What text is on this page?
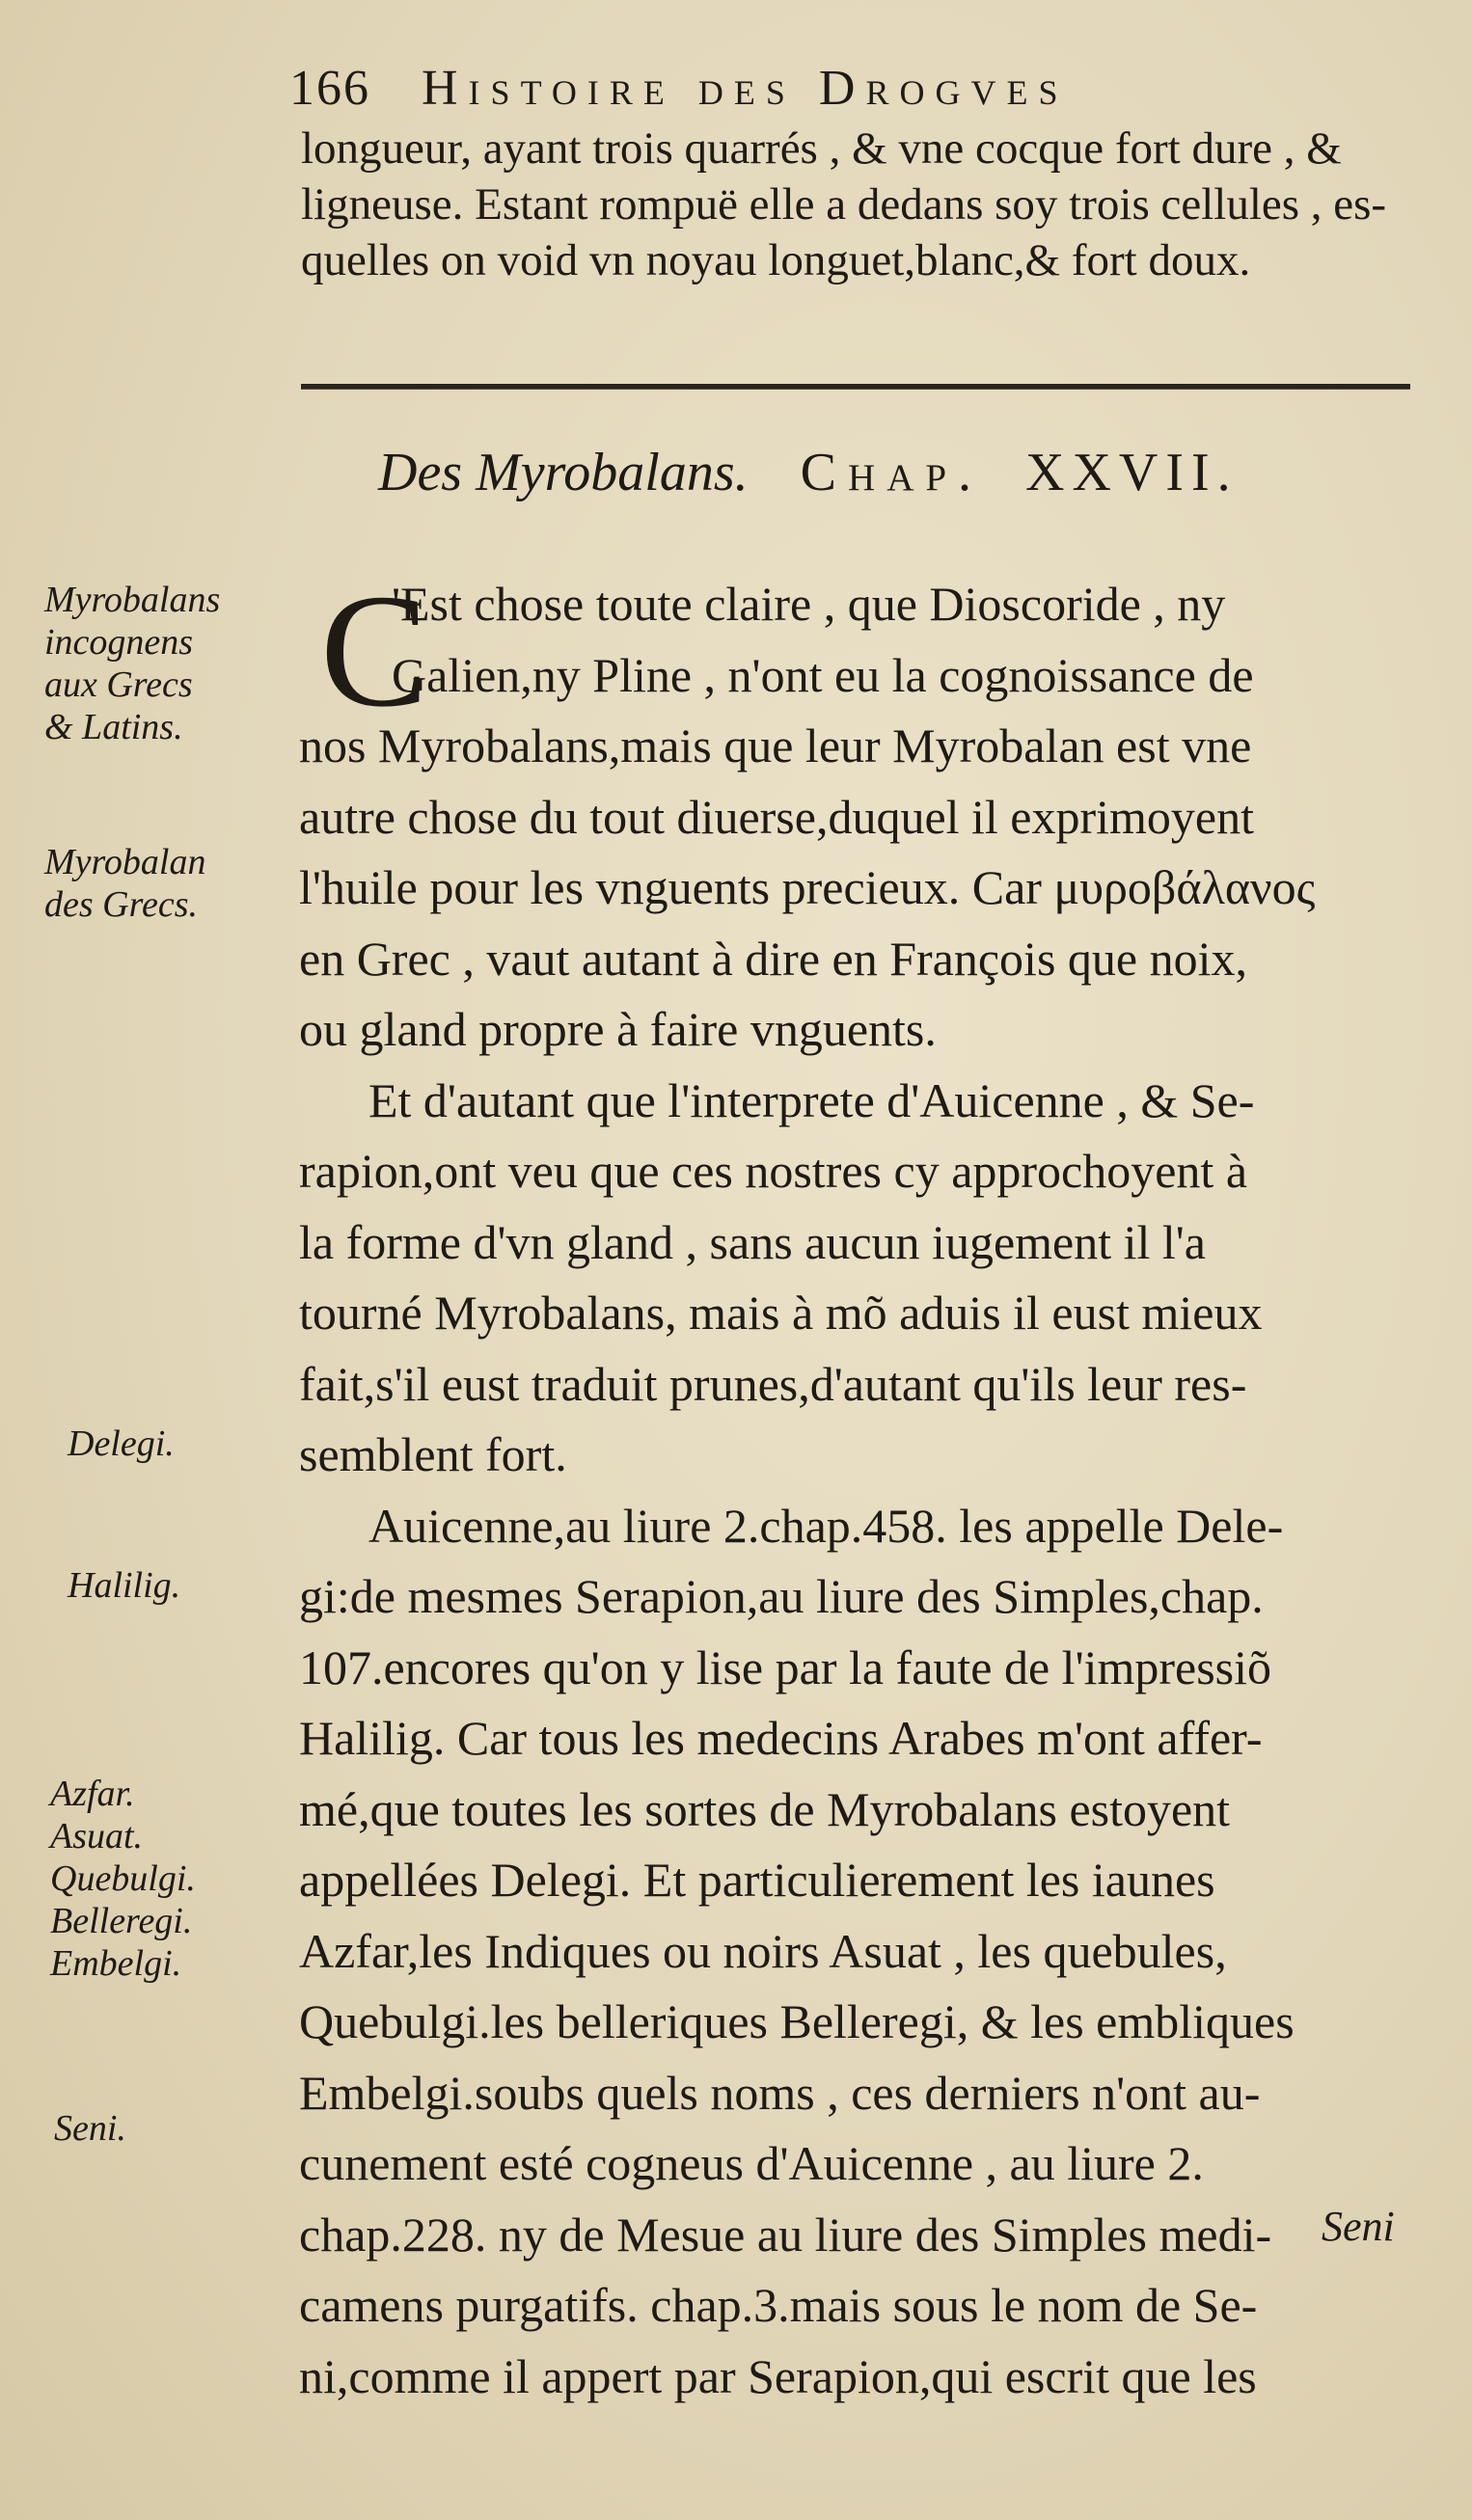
166 Histoire des Drogves
longueur, ayant trois quarrés , & vne cocque fort dure , &
ligneuse. Estant rompuë elle a dedans soy trois cellules , es-
quelles on void vn noyau longuet,blanc,& fort doux.
Des Myrobalans. Chap. XXVII.
Myrobalans
incognens
aux Grecs
& Latins.
Myrobalan
des Grecs.
Delegi.
Halilig.
Azfar.
Asuat.
Quebulgi.
Belleregi.
Embelgi.
Seni.
C
'Est chose toute claire , que Dioscoride , ny
Galien,ny Pline , n'ont eu la cognoissance de
nos Myrobalans,mais que leur Myrobalan est vne
autre chose du tout diuerse,duquel il exprimoyent
l'huile pour les vnguents precieux. Car μυροβάλανος
en Grec , vaut autant à dire en François que noix,
ou gland propre à faire vnguents.
Et d'autant que l'interprete d'Auicenne , & Se-
rapion,ont veu que ces nostres cy approchoyent à
la forme d'vn gland , sans aucun iugement il l'a
tourné Myrobalans, mais à mõ aduis il eust mieux
fait,s'il eust traduit prunes,d'autant qu'ils leur res-
semblent fort.
Auicenne,au liure 2.chap.458. les appelle Dele-
gi:de mesmes Serapion,au liure des Simples,chap.
107.encores qu'on y lise par la faute de l'impressiõ
Halilig. Car tous les medecins Arabes m'ont affer-
mé,que toutes les sortes de Myrobalans estoyent
appellées Delegi. Et particulierement les iaunes
Azfar,les Indiques ou noirs Asuat , les quebules,
Quebulgi.les belleriques Belleregi, & les embliques
Embelgi.soubs quels noms , ces derniers n'ont au-
cunement esté cogneus d'Auicenne , au liure 2.
chap.228. ny de Mesue au liure des Simples medi-
camens purgatifs. chap.3.mais sous le nom de Se-
ni,comme il appert par Serapion,qui escrit que les
Seni
